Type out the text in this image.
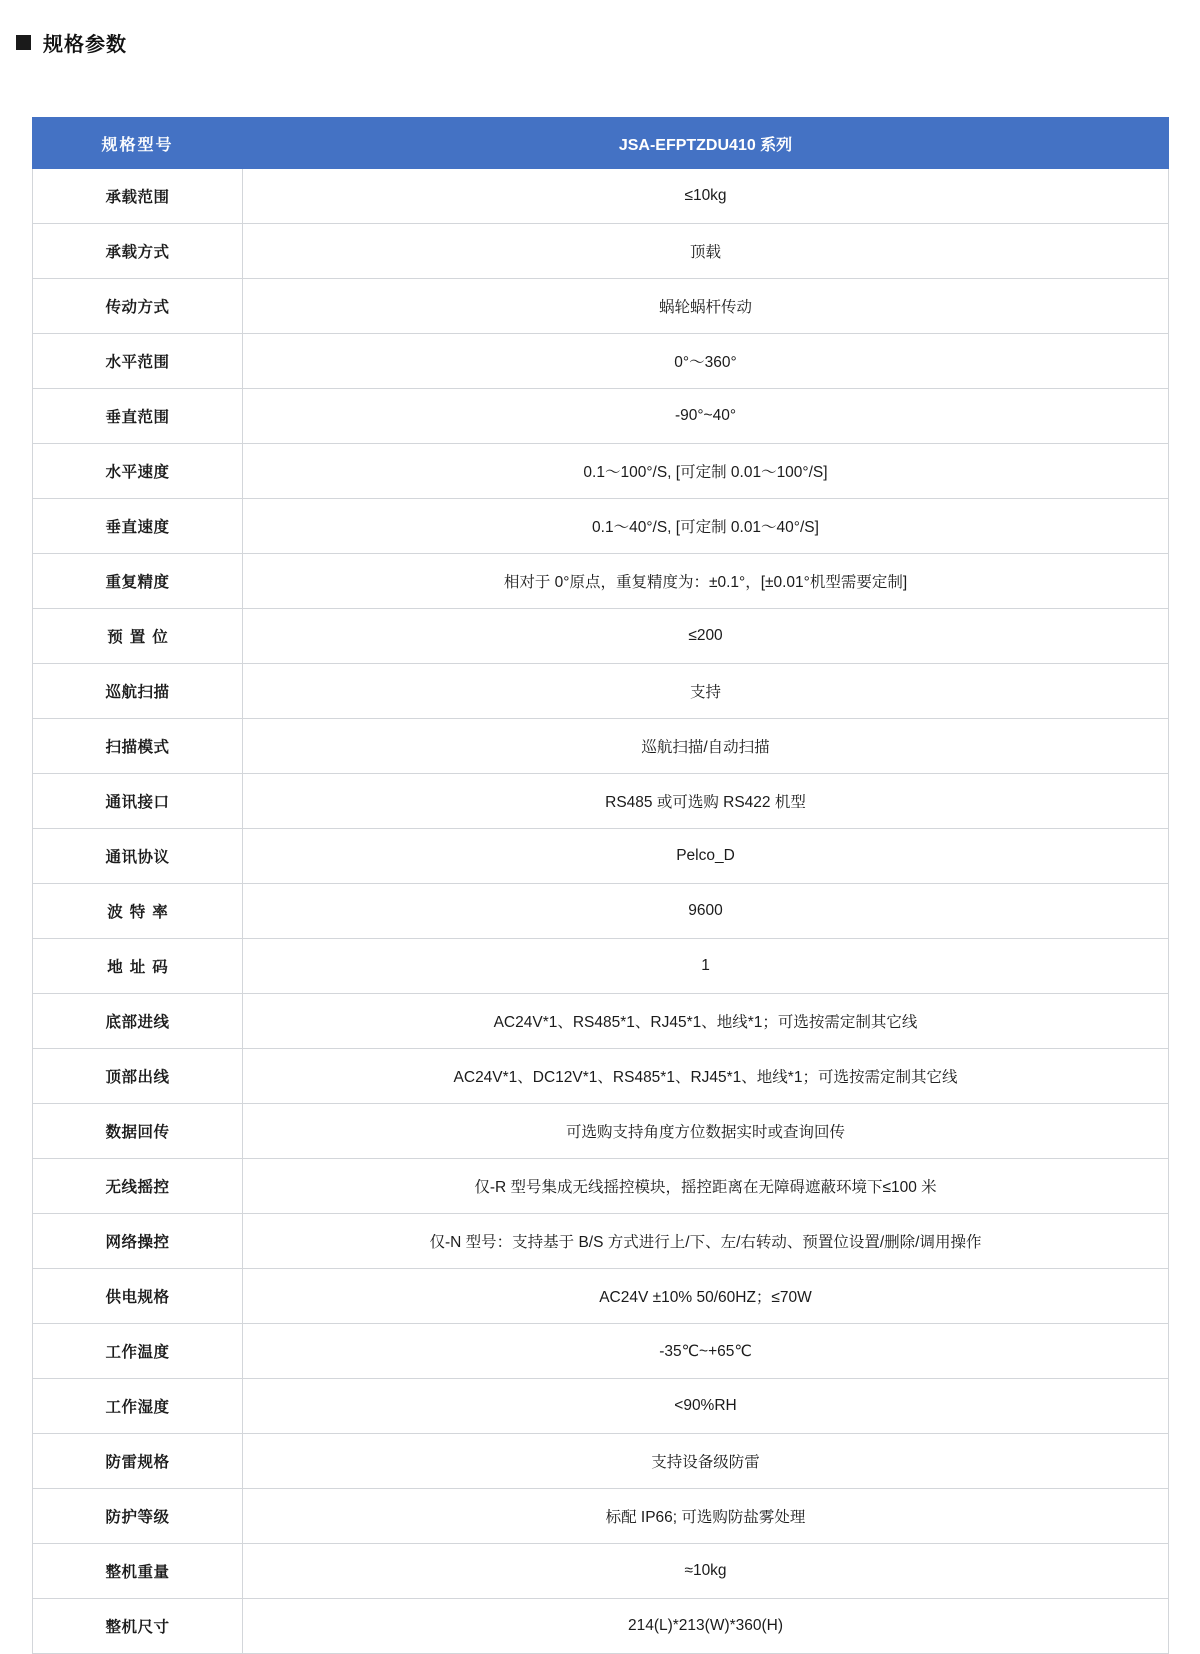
规格参数
规格型号	JSA-EFPTZDU410 系列
承载范围	≤10kg
承载方式	顶载
传动方式	蜗轮蜗杆传动
水平范围	0°～360°
垂直范围	-90°~40°
水平速度	0.1～100°/S, [可定制 0.01～100°/S]
垂直速度	0.1～40°/S, [可定制 0.01～40°/S]
重复精度	相对于 0°原点，重复精度为：±0.1°，[±0.01°机型需要定制]
预置位	≤200
巡航扫描	支持
扫描模式	巡航扫描/自动扫描
通讯接口	RS485 或可选购 RS422 机型
通讯协议	Pelco_D
波特率	9600
地址码	1
底部进线	AC24V*1、RS485*1、RJ45*1、地线*1；可选按需定制其它线
顶部出线	AC24V*1、DC12V*1、RS485*1、RJ45*1、地线*1；可选按需定制其它线
数据回传	可选购支持角度方位数据实时或查询回传
无线摇控	仅-R 型号集成无线摇控模块，摇控距离在无障碍遮蔽环境下≤100 米
网络操控	仅-N 型号：支持基于 B/S 方式进行上/下、左/右转动、预置位设置/删除/调用操作
供电规格	AC24V ±10% 50/60HZ；≤70W
工作温度	-35℃~+65℃
工作湿度	<90%RH
防雷规格	支持设备级防雷
防护等级	标配 IP66; 可选购防盐雾处理
整机重量	≈10kg
整机尺寸	214(L)*213(W)*360(H)
